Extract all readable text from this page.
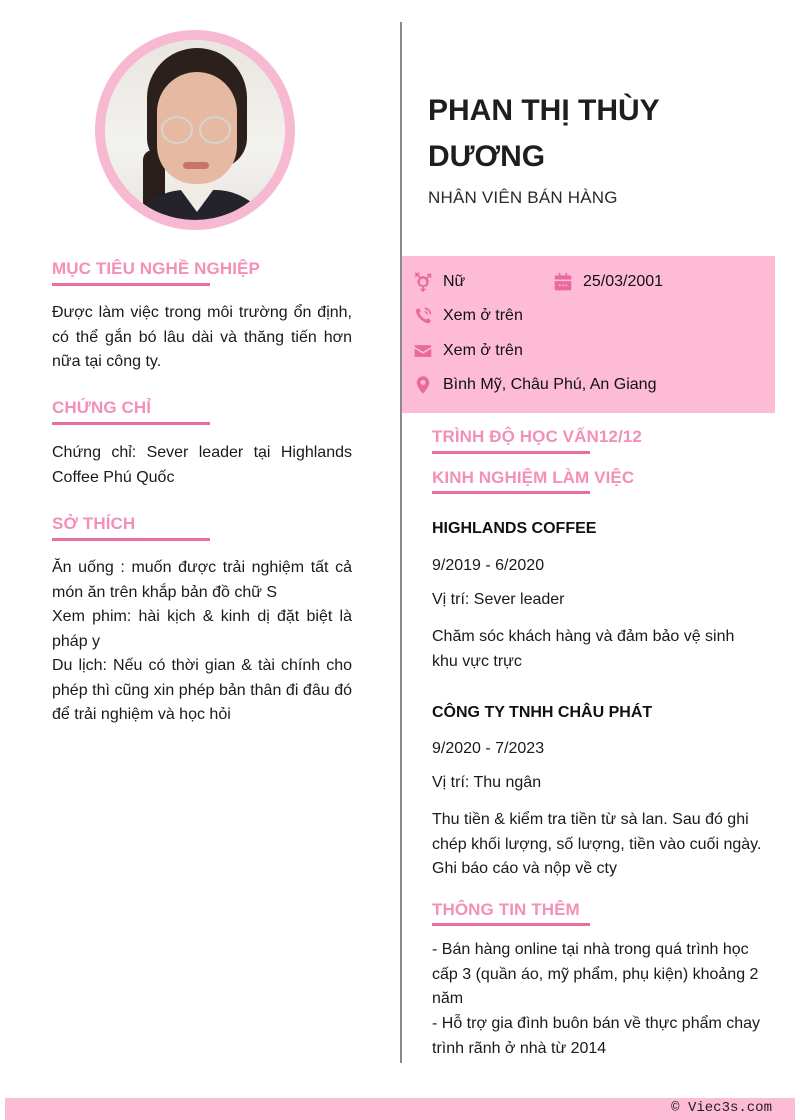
MỤC TIÊU NGHỀ NGHIỆP
Được làm việc trong môi trường ổn định, có thể gắn bó lâu dài và thăng tiến hơn nữa tại công ty.
CHỨNG CHỈ
Chứng chỉ: Sever leader tại Highlands Coffee Phú Quốc
SỞ THÍCH
Ăn uống : muốn được trải nghiệm tất cả món ăn trên khắp bản đồ chữ S
Xem phim: hài kịch & kinh dị đặt biệt là pháp y
Du lịch: Nếu có thời gian & tài chính cho phép thì cũng xin phép bản thân đi đâu đó để trải nghiệm và học hỏi
PHAN THỊ THÙY DƯƠNG
NHÂN VIÊN BÁN HÀNG
Nữ	25/03/2001
Xem ở trên
Xem ở trên
Bình Mỹ, Châu Phú, An Giang
TRÌNH ĐỘ HỌC VẤN12/12
KINH NGHIỆM LÀM VIỆC
HIGHLANDS COFFEE
9/2019 - 6/2020
Vị trí: Sever leader
Chăm sóc khách hàng và đảm bảo vệ sinh khu vực trực
CÔNG TY TNHH CHÂU PHÁT
9/2020 - 7/2023
Vị trí: Thu ngân
Thu tiền & kiểm tra tiền từ sà lan. Sau đó ghi chép khối lượng, số lượng, tiền vào cuối ngày. Ghi báo cáo và nộp về cty
THÔNG TIN THÊM
- Bán hàng online tại nhà trong quá trình học cấp 3 (quần áo, mỹ phẩm, phụ kiện) khoảng 2 năm
- Hỗ trợ gia đình buôn bán về thực phẩm chay trình rãnh ở nhà từ 2014
© Viec3s.com
